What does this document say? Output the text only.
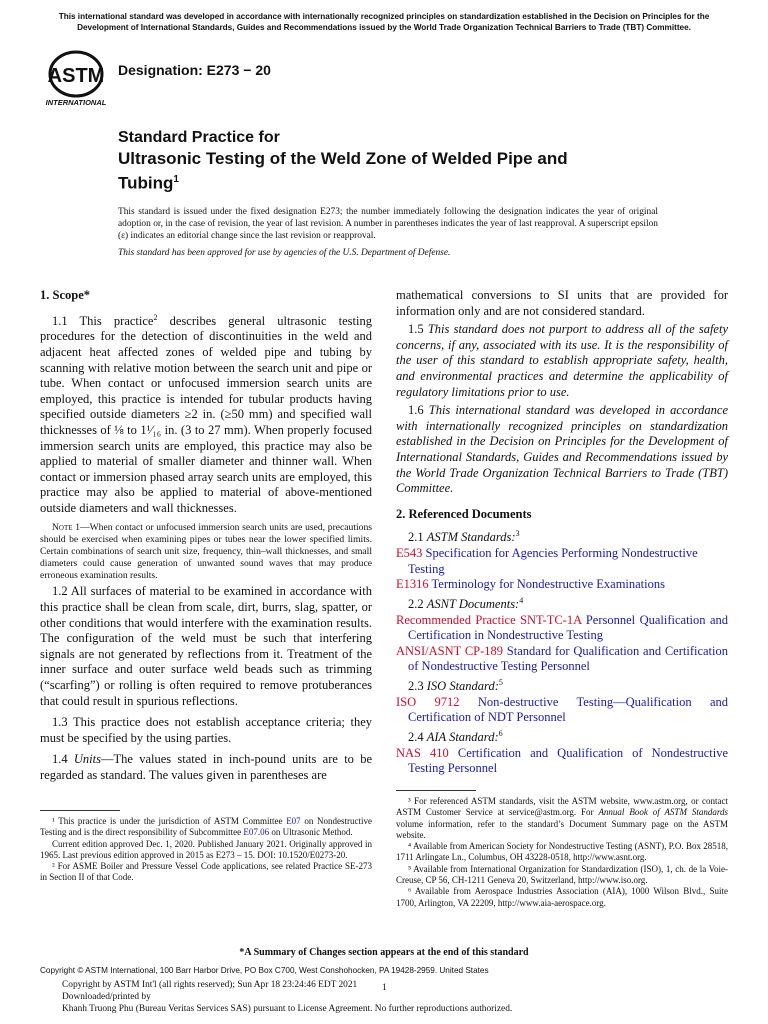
This international standard was developed in accordance with internationally recognized principles on standardization established in the Decision on Principles for the
Development of International Standards, Guides and Recommendations issued by the World Trade Organization Technical Barriers to Trade (TBT) Committee.
ASTM
INTERNATIONAL
Designation: E273 − 20
Standard Practice for
Ultrasonic Testing of the Weld Zone of Welded Pipe and
Tubing$^1$
This standard is issued under the fixed designation E273; the number immediately following the designation indicates the year of original adoption or, in the case of revision, the year of last revision. A number in parentheses indicates the year of last reapproval. A superscript epsilon (ε) indicates an editorial change since the last revision or reapproval.
This standard has been approved for use by agencies of the U.S. Department of Defense.
1. Scope*

1.1 This practice$^2$ describes general ultrasonic testing procedures for the detection of discontinuities in the weld and adjacent heat affected zones of welded pipe and tubing by scanning with relative motion between the search unit and pipe or tube. When contact or unfocused immersion search units are employed, this practice is intended for tubular products having specified outside diameters ≥2 in. (≥50 mm) and specified wall thicknesses of ⅛ to 1¹⁄₁₆ in. (3 to 27 mm). When properly focused immersion search units are employed, this practice may also be applied to material of smaller diameter and thinner wall. When contact or immersion phased array search units are employed, this practice may also be applied to material of above-mentioned outside diameters and wall thicknesses.

Note 1—When contact or unfocused immersion search units are used, precautions should be exercised when examining pipes or tubes near the lower specified limits. Certain combinations of search unit size, frequency, thin–wall thicknesses, and small diameters could cause generation of unwanted sound waves that may produce erroneous examination results.

1.2 All surfaces of material to be examined in accordance with this practice shall be clean from scale, dirt, burrs, slag, spatter, or other conditions that would interfere with the examination results. The configuration of the weld must be such that interfering signals are not generated by reflections from it. Treatment of the inner surface and outer surface weld beads such as trimming (“scarfing”) or rolling is often required to remove protuberances that could result in spurious reflections.

1.3 This practice does not establish acceptance criteria; they must be specified by the using parties.

1.4 Units—The values stated in inch-pound units are to be regarded as standard. The values given in parentheses are

¹ This practice is under the jurisdiction of ASTM Committee E07 on Nondestructive Testing and is the direct responsibility of Subcommittee E07.06 on Ultrasonic Method.
Current edition approved Dec. 1, 2020. Published January 2021. Originally approved in 1965. Last previous edition approved in 2015 as E273 – 15. DOI: 10.1520/E0273-20.
² For ASME Boiler and Pressure Vessel Code applications, see related Practice SE-273 in Section II of that Code.

mathematical conversions to SI units that are provided for information only and are not considered standard.

1.5 This standard does not purport to address all of the safety concerns, if any, associated with its use. It is the responsibility of the user of this standard to establish appropriate safety, health, and environmental practices and determine the applicability of regulatory limitations prior to use.

1.6 This international standard was developed in accordance with internationally recognized principles on standardization established in the Decision on Principles for the Development of International Standards, Guides and Recommendations issued by the World Trade Organization Technical Barriers to Trade (TBT) Committee.

2. Referenced Documents

2.1 ASTM Standards:$^3$

E543 Specification for Agencies Performing Nondestructive Testing

E1316 Terminology for Nondestructive Examinations

2.2 ASNT Documents:$^4$

Recommended Practice SNT-TC-1A Personnel Qualification and Certification in Nondestructive Testing

ANSI/ASNT CP-189 Standard for Qualification and Certification of Nondestructive Testing Personnel

2.3 ISO Standard:$^5$

ISO 9712 Non-destructive Testing—Qualification and Certification of NDT Personnel

2.4 AIA Standard:$^6$

NAS 410 Certification and Qualification of Nondestructive Testing Personnel

³ For referenced ASTM standards, visit the ASTM website, www.astm.org, or contact ASTM Customer Service at service@astm.org. For Annual Book of ASTM Standards volume information, refer to the standard’s Document Summary page on the ASTM website.
⁴ Available from American Society for Nondestructive Testing (ASNT), P.O. Box 28518, 1711 Arlingate Ln., Columbus, OH 43228-0518, http://www.asnt.org.
⁵ Available from International Organization for Standardization (ISO), 1, ch. de la Voie-Creuse, CP 56, CH-1211 Geneva 20, Switzerland, http://www.iso.org.
⁶ Available from Aerospace Industries Association (AIA), 1000 Wilson Blvd., Suite 1700, Arlington, VA 22209, http://www.aia-aerospace.org.
*A Summary of Changes section appears at the end of this standard
Copyright © ASTM International, 100 Barr Harbor Drive, PO Box C700, West Conshohocken, PA 19428-2959. United States
Copyright by ASTM Int'l (all rights reserved); Sun Apr 18 23:24:46 EDT 2021
Downloaded/printed by
Khanh Truong Phu (Bureau Veritas Services SAS) pursuant to License Agreement. No further reproductions authorized.
1
